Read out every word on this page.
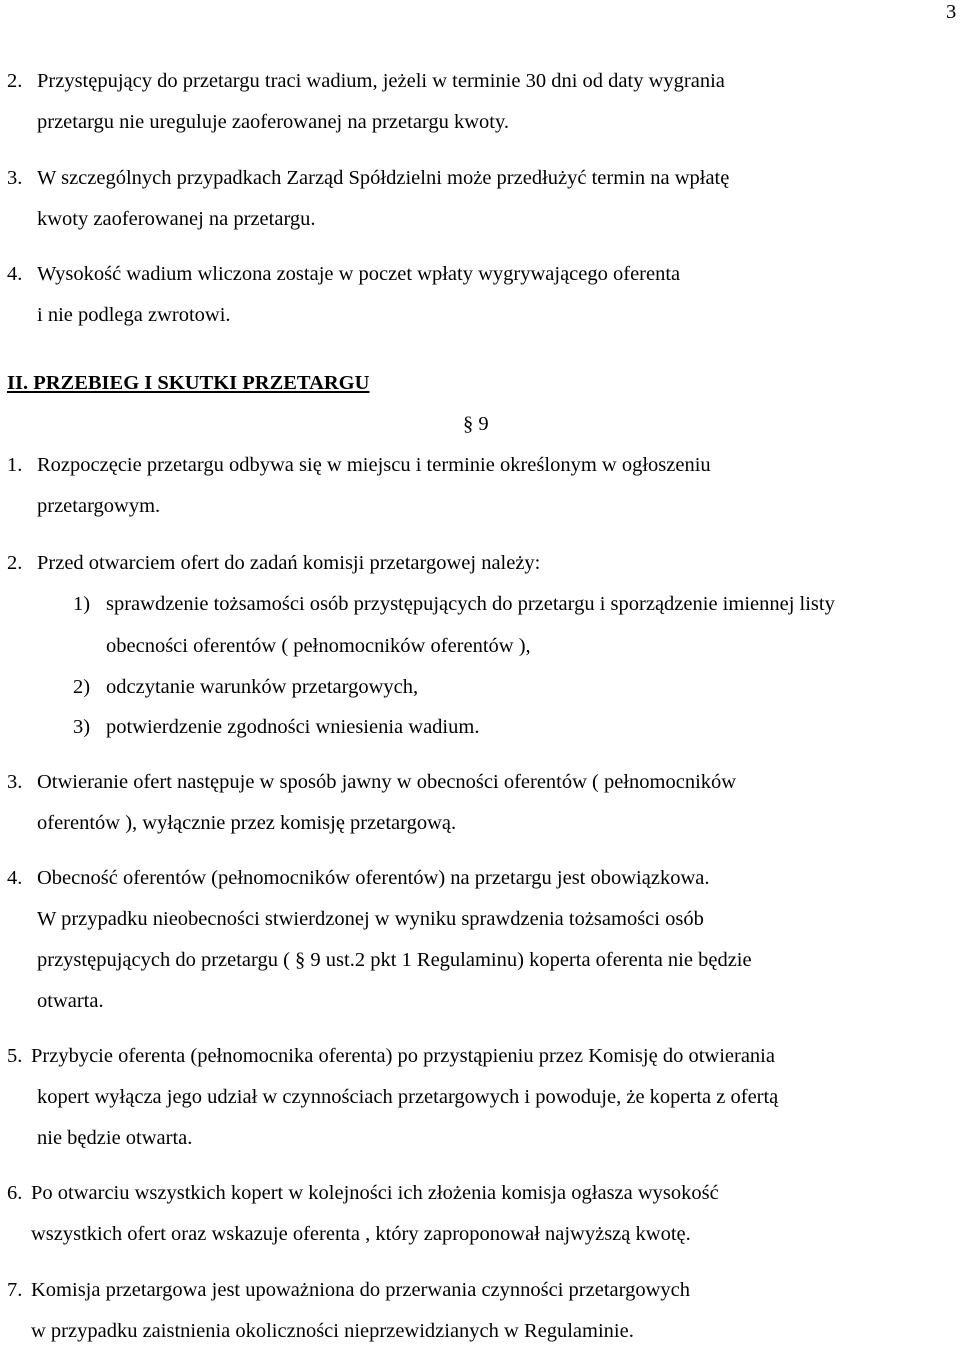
3
2. Przystępujący do przetargu traci wadium, jeżeli w terminie 30 dni od daty wygrania
przetargu nie ureguluje zaoferowanej na przetargu kwoty.
3. W szczególnych przypadkach Zarząd Spółdzielni może przedłużyć termin na wpłatę
kwoty zaoferowanej na przetargu.
4. Wysokość wadium wliczona zostaje w poczet wpłaty wygrywającego oferenta
i nie podlega zwrotowi.
II. PRZEBIEG I SKUTKI PRZETARGU
§ 9
1. Rozpoczęcie przetargu odbywa się w miejscu i terminie określonym w ogłoszeniu
przetargowym.
2. Przed otwarciem ofert do zadań komisji przetargowej należy:
1) sprawdzenie tożsamości osób przystępujących do przetargu i sporządzenie imiennej listy
obecności oferentów ( pełnomocników oferentów ),
2) odczytanie warunków przetargowych,
3) potwierdzenie zgodności wniesienia wadium.
3. Otwieranie ofert następuje w sposób jawny w obecności oferentów ( pełnomocników
oferentów ), wyłącznie przez komisję przetargową.
4. Obecność oferentów (pełnomocników oferentów) na przetargu jest obowiązkowa.
W przypadku nieobecności stwierdzonej w wyniku sprawdzenia tożsamości osób
przystępujących do przetargu ( § 9 ust.2 pkt 1 Regulaminu) koperta oferenta nie będzie
otwarta.
5. Przybycie oferenta (pełnomocnika oferenta) po przystąpieniu przez Komisję do otwierania
kopert wyłącza jego udział w czynnościach przetargowych i powoduje, że koperta z ofertą
nie będzie otwarta.
6. Po otwarciu wszystkich kopert w kolejności ich złożenia komisja ogłasza wysokość
wszystkich ofert oraz wskazuje oferenta , który zaproponował najwyższą kwotę.
7. Komisja przetargowa jest upoważniona do przerwania czynności przetargowych
w przypadku zaistnienia okoliczności nieprzewidzianych w Regulaminie.
